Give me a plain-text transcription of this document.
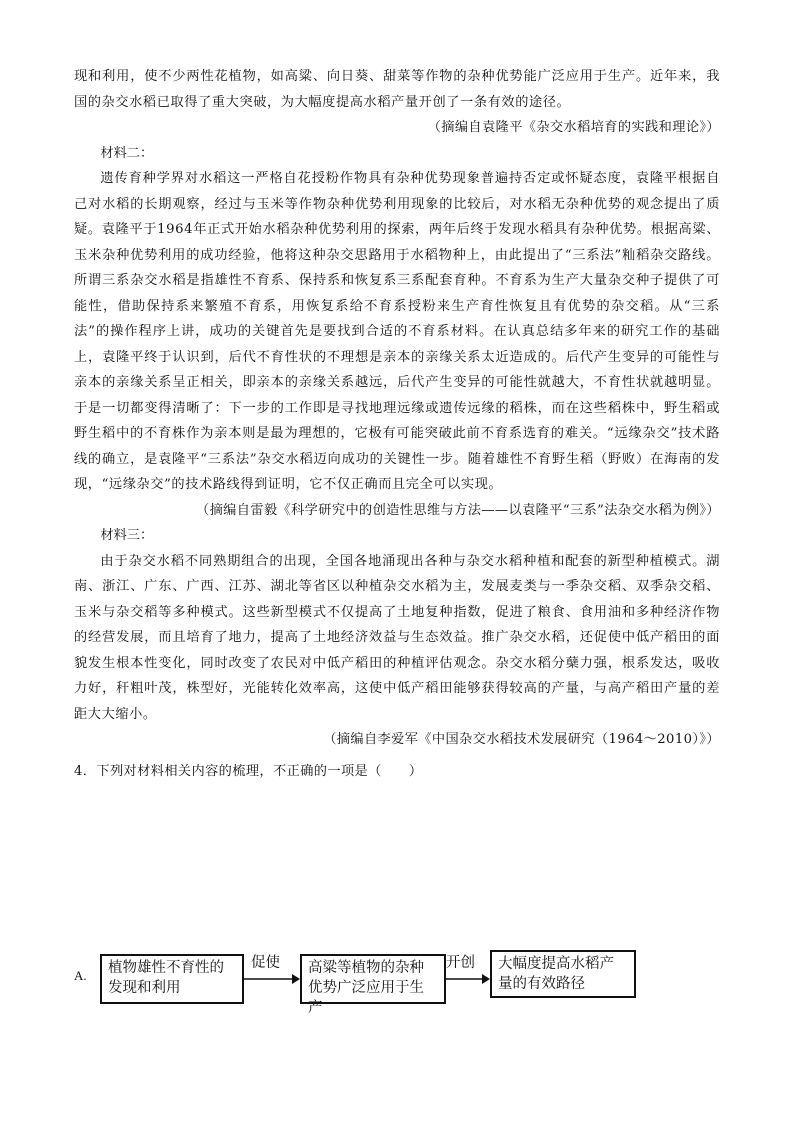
现和利用，使不少两性花植物，如高粱、向日葵、甜菜等作物的杂种优势能广泛应用于生产。近年来，我国的杂交水稻已取得了重大突破，为大幅度提高水稻产量开创了一条有效的途径。

（摘编自袁隆平《杂交水稻培育的实践和理论》）

材料二：

遗传育种学界对水稻这一严格自花授粉作物具有杂种优势现象普遍持否定或怀疑态度，袁隆平根据自己对水稻的长期观察，经过与玉米等作物杂种优势利用现象的比较后，对水稻无杂种优势的观念提出了质疑。袁隆平于1964年正式开始水稻杂种优势利用的探索，两年后终于发现水稻具有杂种优势。根据高粱、玉米杂种优势利用的成功经验，他将这种杂交思路用于水稻物种上，由此提出了“三系法”籼稻杂交路线。所谓三系杂交水稻是指雄性不育系、保持系和恢复系三系配套育种。不育系为生产大量杂交种子提供了可能性，借助保持系来繁殖不育系，用恢复系给不育系授粉来生产育性恢复且有优势的杂交稻。从“三系法”的操作程序上讲，成功的关键首先是要找到合适的不育系材料。在认真总结多年来的研究工作的基础上，袁隆平终于认识到，后代不育性状的不理想是亲本的亲缘关系太近造成的。后代产生变异的可能性与亲本的亲缘关系呈正相关，即亲本的亲缘关系越远，后代产生变异的可能性就越大，不育性状就越明显。于是一切都变得清晰了：下一步的工作即是寻找地理远缘或遗传远缘的稻株，而在这些稻株中，野生稻或野生稻中的不育株作为亲本则是最为理想的，它极有可能突破此前不育系选育的难关。“远缘杂交”技术路线的确立，是袁隆平“三系法”杂交水稻迈向成功的关键性一步。随着雄性不育野生稻（野败）在海南的发现，“远缘杂交”的技术路线得到证明，它不仅正确而且完全可以实现。

（摘编自雷毅《科学研究中的创造性思维与方法——以袁隆平“三系”法杂交水稻为例》）

材料三：

由于杂交水稻不同熟期组合的出现，全国各地涌现出各种与杂交水稻种植和配套的新型种植模式。湖南、浙江、广东、广西、江苏、湖北等省区以种植杂交水稻为主，发展麦类与一季杂交稻、双季杂交稻、玉米与杂交稻等多种模式。这些新型模式不仅提高了土地复种指数，促进了粮食、食用油和多种经济作物的经营发展，而且培育了地力，提高了土地经济效益与生态效益。推广杂交水稻，还促使中低产稻田的面貌发生根本性变化，同时改变了农民对中低产稻田的种植评估观念。杂交水稻分蘖力强，根系发达，吸收力好，秆粗叶茂，株型好，光能转化效率高，这使中低产稻田能够获得较高的产量，与高产稻田产量的差距大大缩小。

（摘编自李爱军《中国杂交水稻技术发展研究（1964～2010）》）

4．下列对材料相关内容的梳理，不正确的一项是（　　）

A.	植物雄性不育性的发现和利用
促使	高粱等植物的杂种优势广泛应用于生产
开创	大幅度提高水稻产量的有效路径
